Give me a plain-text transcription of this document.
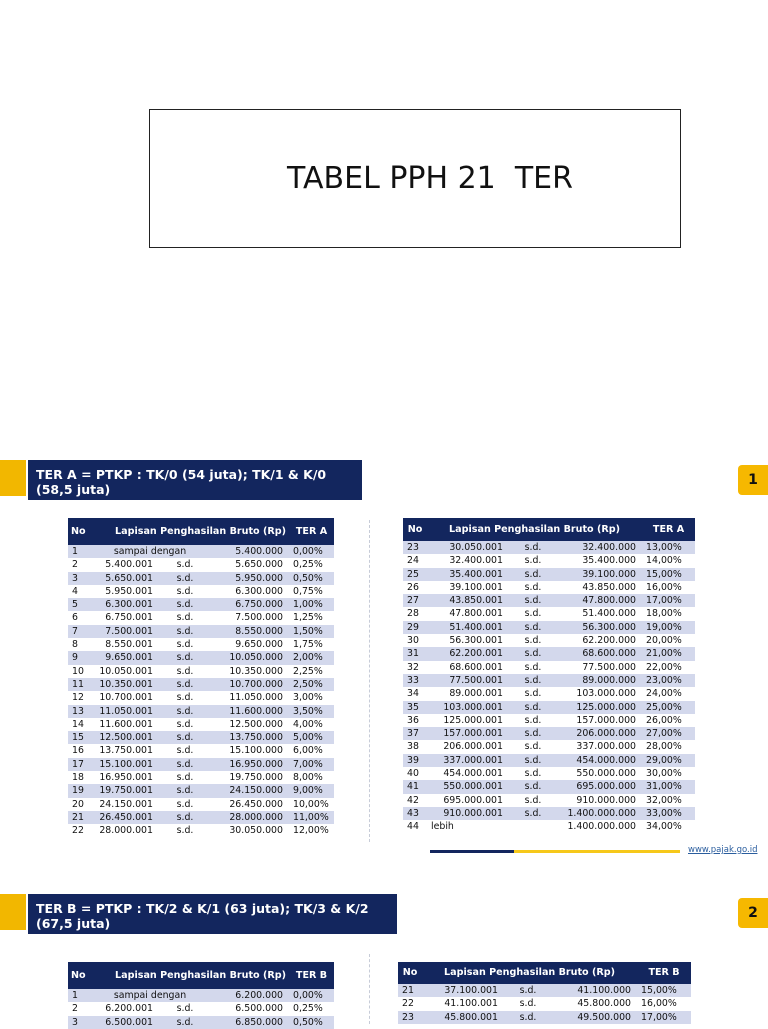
TABEL PPH 21  TER
TER A = PTKP : TK/0 (54 juta); TK/1 & K/0
(58,5 juta)
1
No	Lapisan Penghasilan Bruto (Rp)			TER A
1	sampai dengan		5.400.000	0,00%
2	5.400.001	s.d.	5.650.000	0,25%
3	5.650.001	s.d.	5.950.000	0,50%
4	5.950.001	s.d.	6.300.000	0,75%
5	6.300.001	s.d.	6.750.000	1,00%
6	6.750.001	s.d.	7.500.000	1,25%
7	7.500.001	s.d.	8.550.000	1,50%
8	8.550.001	s.d.	9.650.000	1,75%
9	9.650.001	s.d.	10.050.000	2,00%
10	10.050.001	s.d.	10.350.000	2,25%
11	10.350.001	s.d.	10.700.000	2,50%
12	10.700.001	s.d.	11.050.000	3,00%
13	11.050.001	s.d.	11.600.000	3,50%
14	11.600.001	s.d.	12.500.000	4,00%
15	12.500.001	s.d.	13.750.000	5,00%
16	13.750.001	s.d.	15.100.000	6,00%
17	15.100.001	s.d.	16.950.000	7,00%
18	16.950.001	s.d.	19.750.000	8,00%
19	19.750.001	s.d.	24.150.000	9,00%
20	24.150.001	s.d.	26.450.000	10,00%
21	26.450.001	s.d.	28.000.000	11,00%
22	28.000.001	s.d.	30.050.000	12,00%
No	Lapisan Penghasilan Bruto (Rp)			TER A
23	30.050.001	s.d.	32.400.000	13,00%
24	32.400.001	s.d.	35.400.000	14,00%
25	35.400.001	s.d.	39.100.000	15,00%
26	39.100.001	s.d.	43.850.000	16,00%
27	43.850.001	s.d.	47.800.000	17,00%
28	47.800.001	s.d.	51.400.000	18,00%
29	51.400.001	s.d.	56.300.000	19,00%
30	56.300.001	s.d.	62.200.000	20,00%
31	62.200.001	s.d.	68.600.000	21,00%
32	68.600.001	s.d.	77.500.000	22,00%
33	77.500.001	s.d.	89.000.000	23,00%
34	89.000.001	s.d.	103.000.000	24,00%
35	103.000.001	s.d.	125.000.000	25,00%
36	125.000.001	s.d.	157.000.000	26,00%
37	157.000.001	s.d.	206.000.000	27,00%
38	206.000.001	s.d.	337.000.000	28,00%
39	337.000.001	s.d.	454.000.000	29,00%
40	454.000.001	s.d.	550.000.000	30,00%
41	550.000.001	s.d.	695.000.000	31,00%
42	695.000.001	s.d.	910.000.000	32,00%
43	910.000.001	s.d.	1.400.000.000	33,00%
44	lebih		1.400.000.000	34,00%
www.pajak.go.id
TER B = PTKP : TK/2 & K/1 (63 juta); TK/3 & K/2
(67,5 juta)
2
No	Lapisan Penghasilan Bruto (Rp)			TER B
1	sampai dengan		6.200.000	0,00%
2	6.200.001	s.d.	6.500.000	0,25%
3	6.500.001	s.d.	6.850.000	0,50%
No	Lapisan Penghasilan Bruto (Rp)			TER B
21	37.100.001	s.d.	41.100.000	15,00%
22	41.100.001	s.d.	45.800.000	16,00%
23	45.800.001	s.d.	49.500.000	17,00%
